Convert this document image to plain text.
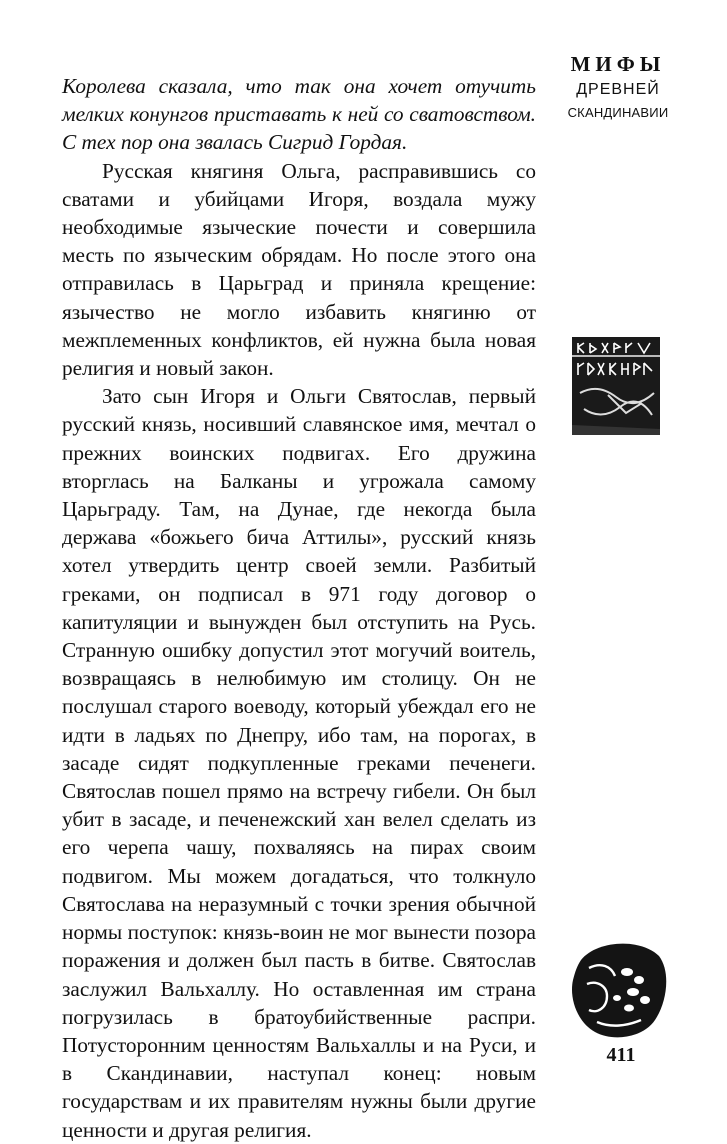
Королева сказала, что так она хочет отучить мелких конунгов приставать к ней со сватовством. С тех пор она звалась Сигрид Гордая.

Русская княгиня Ольга, расправившись со сватами и убийцами Игоря, воздала мужу необходимые языческие почести и совершила месть по языческим обрядам. Но после этого она отправилась в Царьград и приняла крещение: язычество не могло избавить княгиню от межплеменных конфликтов, ей нужна была новая религия и новый закон.

Зато сын Игоря и Ольги Святослав, первый русский князь, носивший славянское имя, мечтал о прежних воинских подвигах. Его дружина вторглась на Балканы и угрожала самому Царьграду. Там, на Дунае, где некогда была держава «божьего бича Аттилы», русский князь хотел утвердить центр своей земли. Разбитый греками, он подписал в 971 году договор о капитуляции и вынужден был отступить на Русь. Странную ошибку допустил этот могучий воитель, возвращаясь в нелюбимую им столицу. Он не послушал старого воеводу, который убеждал его не идти в ладьях по Днепру, ибо там, на порогах, в засаде сидят подкупленные греками печенеги. Святослав пошел прямо на встречу гибели. Он был убит в засаде, и печенежский хан велел сделать из его черепа чашу, похваляясь на пирах своим подвигом. Мы можем догадаться, что толкнуло Святослава на неразумный с точки зрения обычной нормы поступок: князь-воин не мог вынести позора поражения и должен был пасть в битве. Святослав заслужил Вальхаллу. Но оставленная им страна погрузилась в братоубийственные распри. Потусторонним ценностям Вальхаллы и на Руси, и в Скандинавии, наступал конец: новым государствам и их правителям нужны были другие ценности и другая религия.

МИФЫ
ДРЕВНЕЙ
СКАНДИНАВИИ
411
